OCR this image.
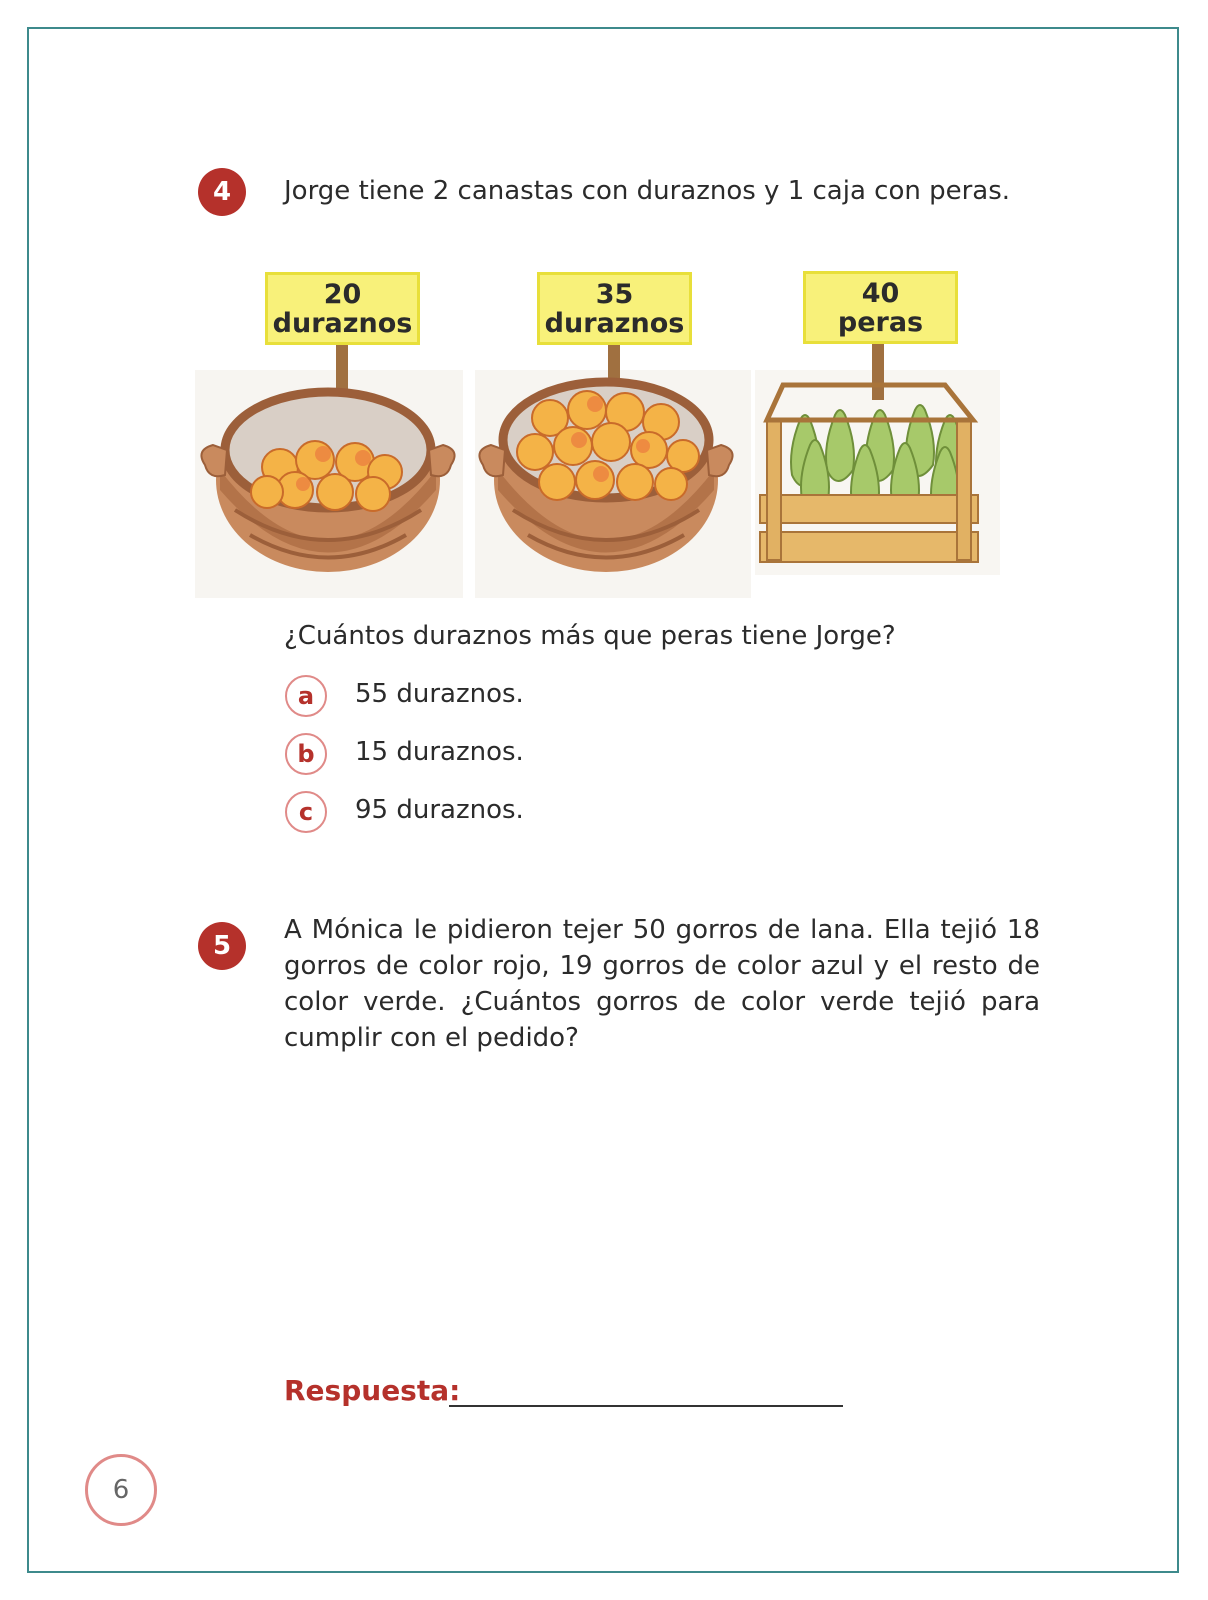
4	Jorge tiene 2 canastas con duraznos y 1 caja con peras.
20
duraznos
35
duraznos
40
peras
¿Cuántos duraznos más que peras tiene Jorge?
a	55 duraznos.
b	15 duraznos.
c	95 duraznos.
5
A Mónica le pidieron tejer 50 gorros de lana. Ella tejió 18 gorros de color rojo, 19 gorros de color azul y el resto de color verde. ¿Cuántos gorros de color verde tejió para cumplir con el pedido?
Respuesta:
6
